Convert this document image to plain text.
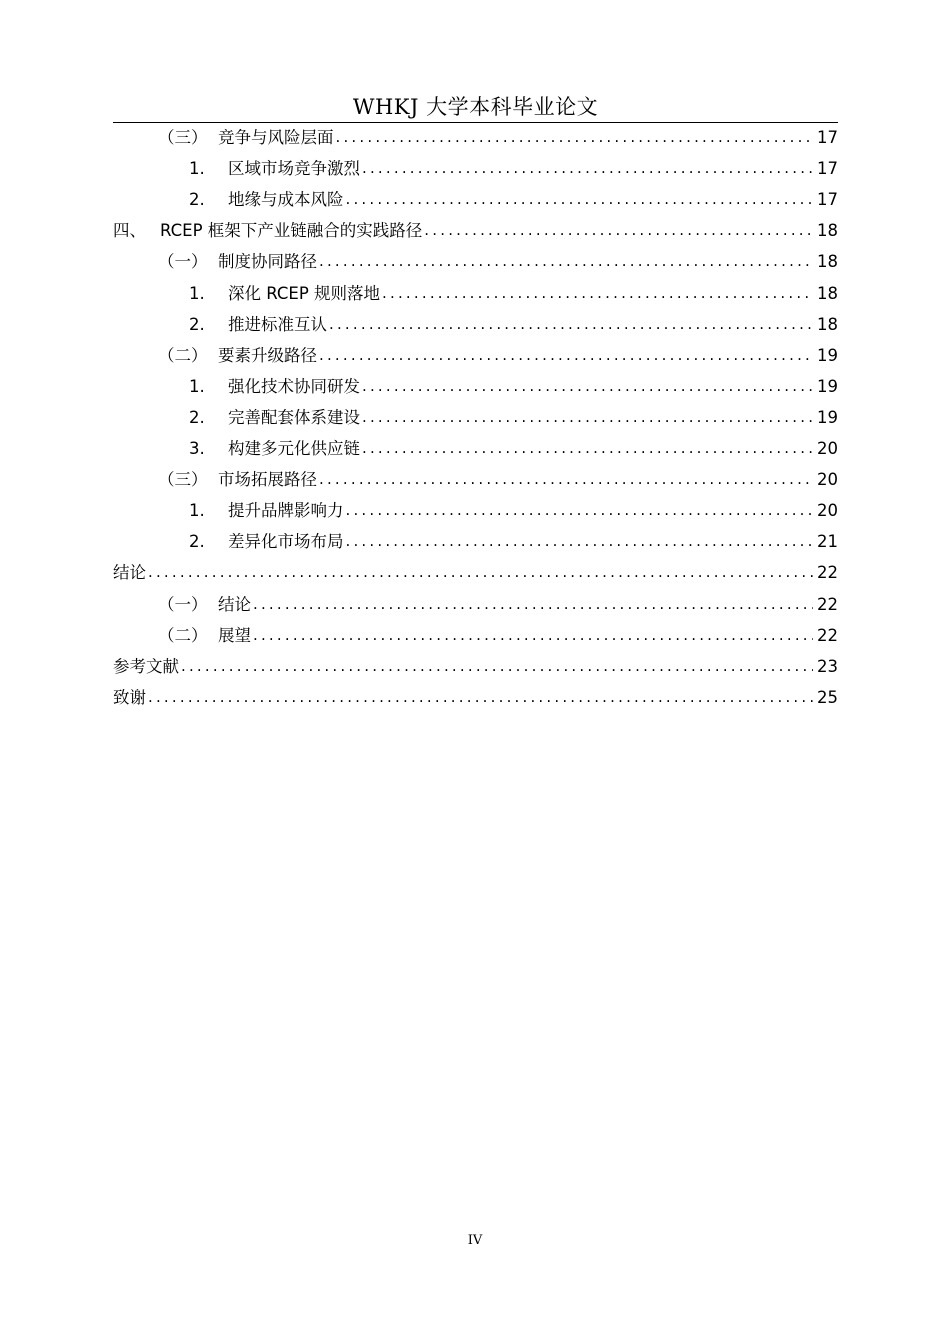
WHKJ 大学本科毕业论文
（三） 竞争与风险层面 .....	17
1.	区域市场竞争激烈 .....	17
2.	地缘与成本风险 .....	17
四、 RCEP 框架下产业链融合的实践路径 .....	18
（一） 制度协同路径 .....	18
1.	深化 RCEP 规则落地 .....	18
2.	推进标准互认 .....	18
（二） 要素升级路径 .....	19
1.	强化技术协同研发 .....	19
2.	完善配套体系建设 .....	19
3.	构建多元化供应链 .....	20
（三） 市场拓展路径 .....	20
1.	提升品牌影响力 .....	20
2.	差异化市场布局 .....	21
结论 .....	22
（一） 结论 .....	22
（二） 展望 .....	22
参考文献 .....	23
致谢 .....	25
IV
